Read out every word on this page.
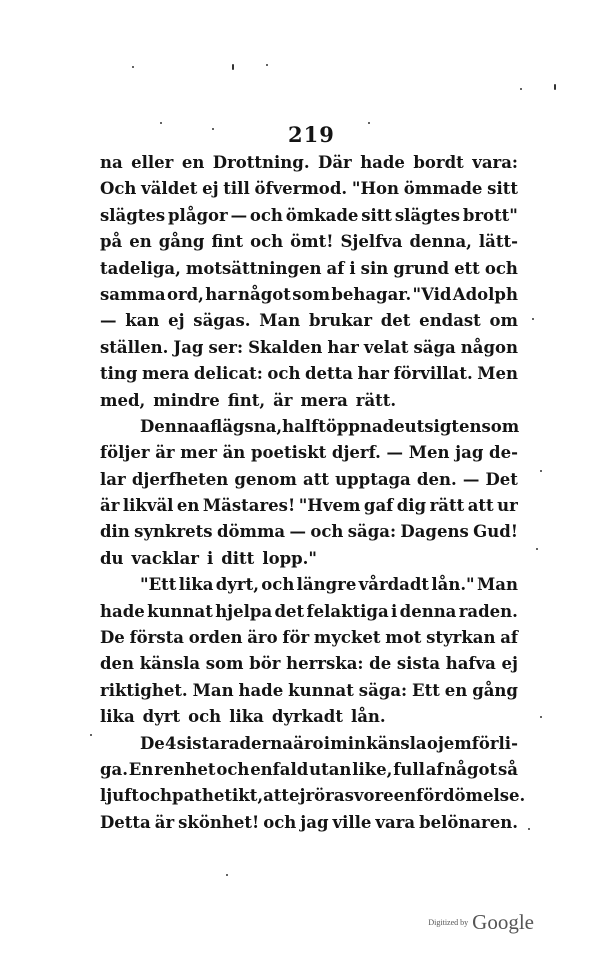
219
na eller en Drottning. Där hade bordt vara:
Och väldet ej till öfvermod. "Hon ömmade sitt
slägtes plågor — och ömkade sitt slägtes brott"
på en gång fint och ömt! Sjelfva denna, lätt-
tadeliga, motsättningen af i sin grund ett och
samma ord, har något som behagar. "Vid Adolph
— kan ej sägas. Man brukar det endast om
ställen. Jag ser: Skalden har velat säga någon
ting mera delicat: och detta har förvillat. Men
med, mindre fint, är mera rätt.
Denna aflägsna, halft öppnade utsigten som
följer är mer än poetiskt djerf. — Men jag de-
lar djerfheten genom att upptaga den. — Det
är likväl en Mästares! "Hvem gaf dig rätt att ur
din synkrets dömma — och säga: Dagens Gud!
du vacklar i ditt lopp."
"Ett lika dyrt, och längre vårdadt lån." Man
hade kunnat hjelpa det felaktiga i denna raden.
De första orden äro för mycket mot styrkan af
den känsla som bör herrska: de sista hafva ej
riktighet. Man hade kunnat säga: Ett en gång
lika dyrt och lika dyrkadt lån.
De 4 sista raderna äro i min känsla ojemförli-
ga. En renhet och enfald utan like, full af något så
ljuft och pathetikt, att ej röras vore en fördömelse.
Detta är skönhet! och jag ville vara belönaren.
Digitized by Google
